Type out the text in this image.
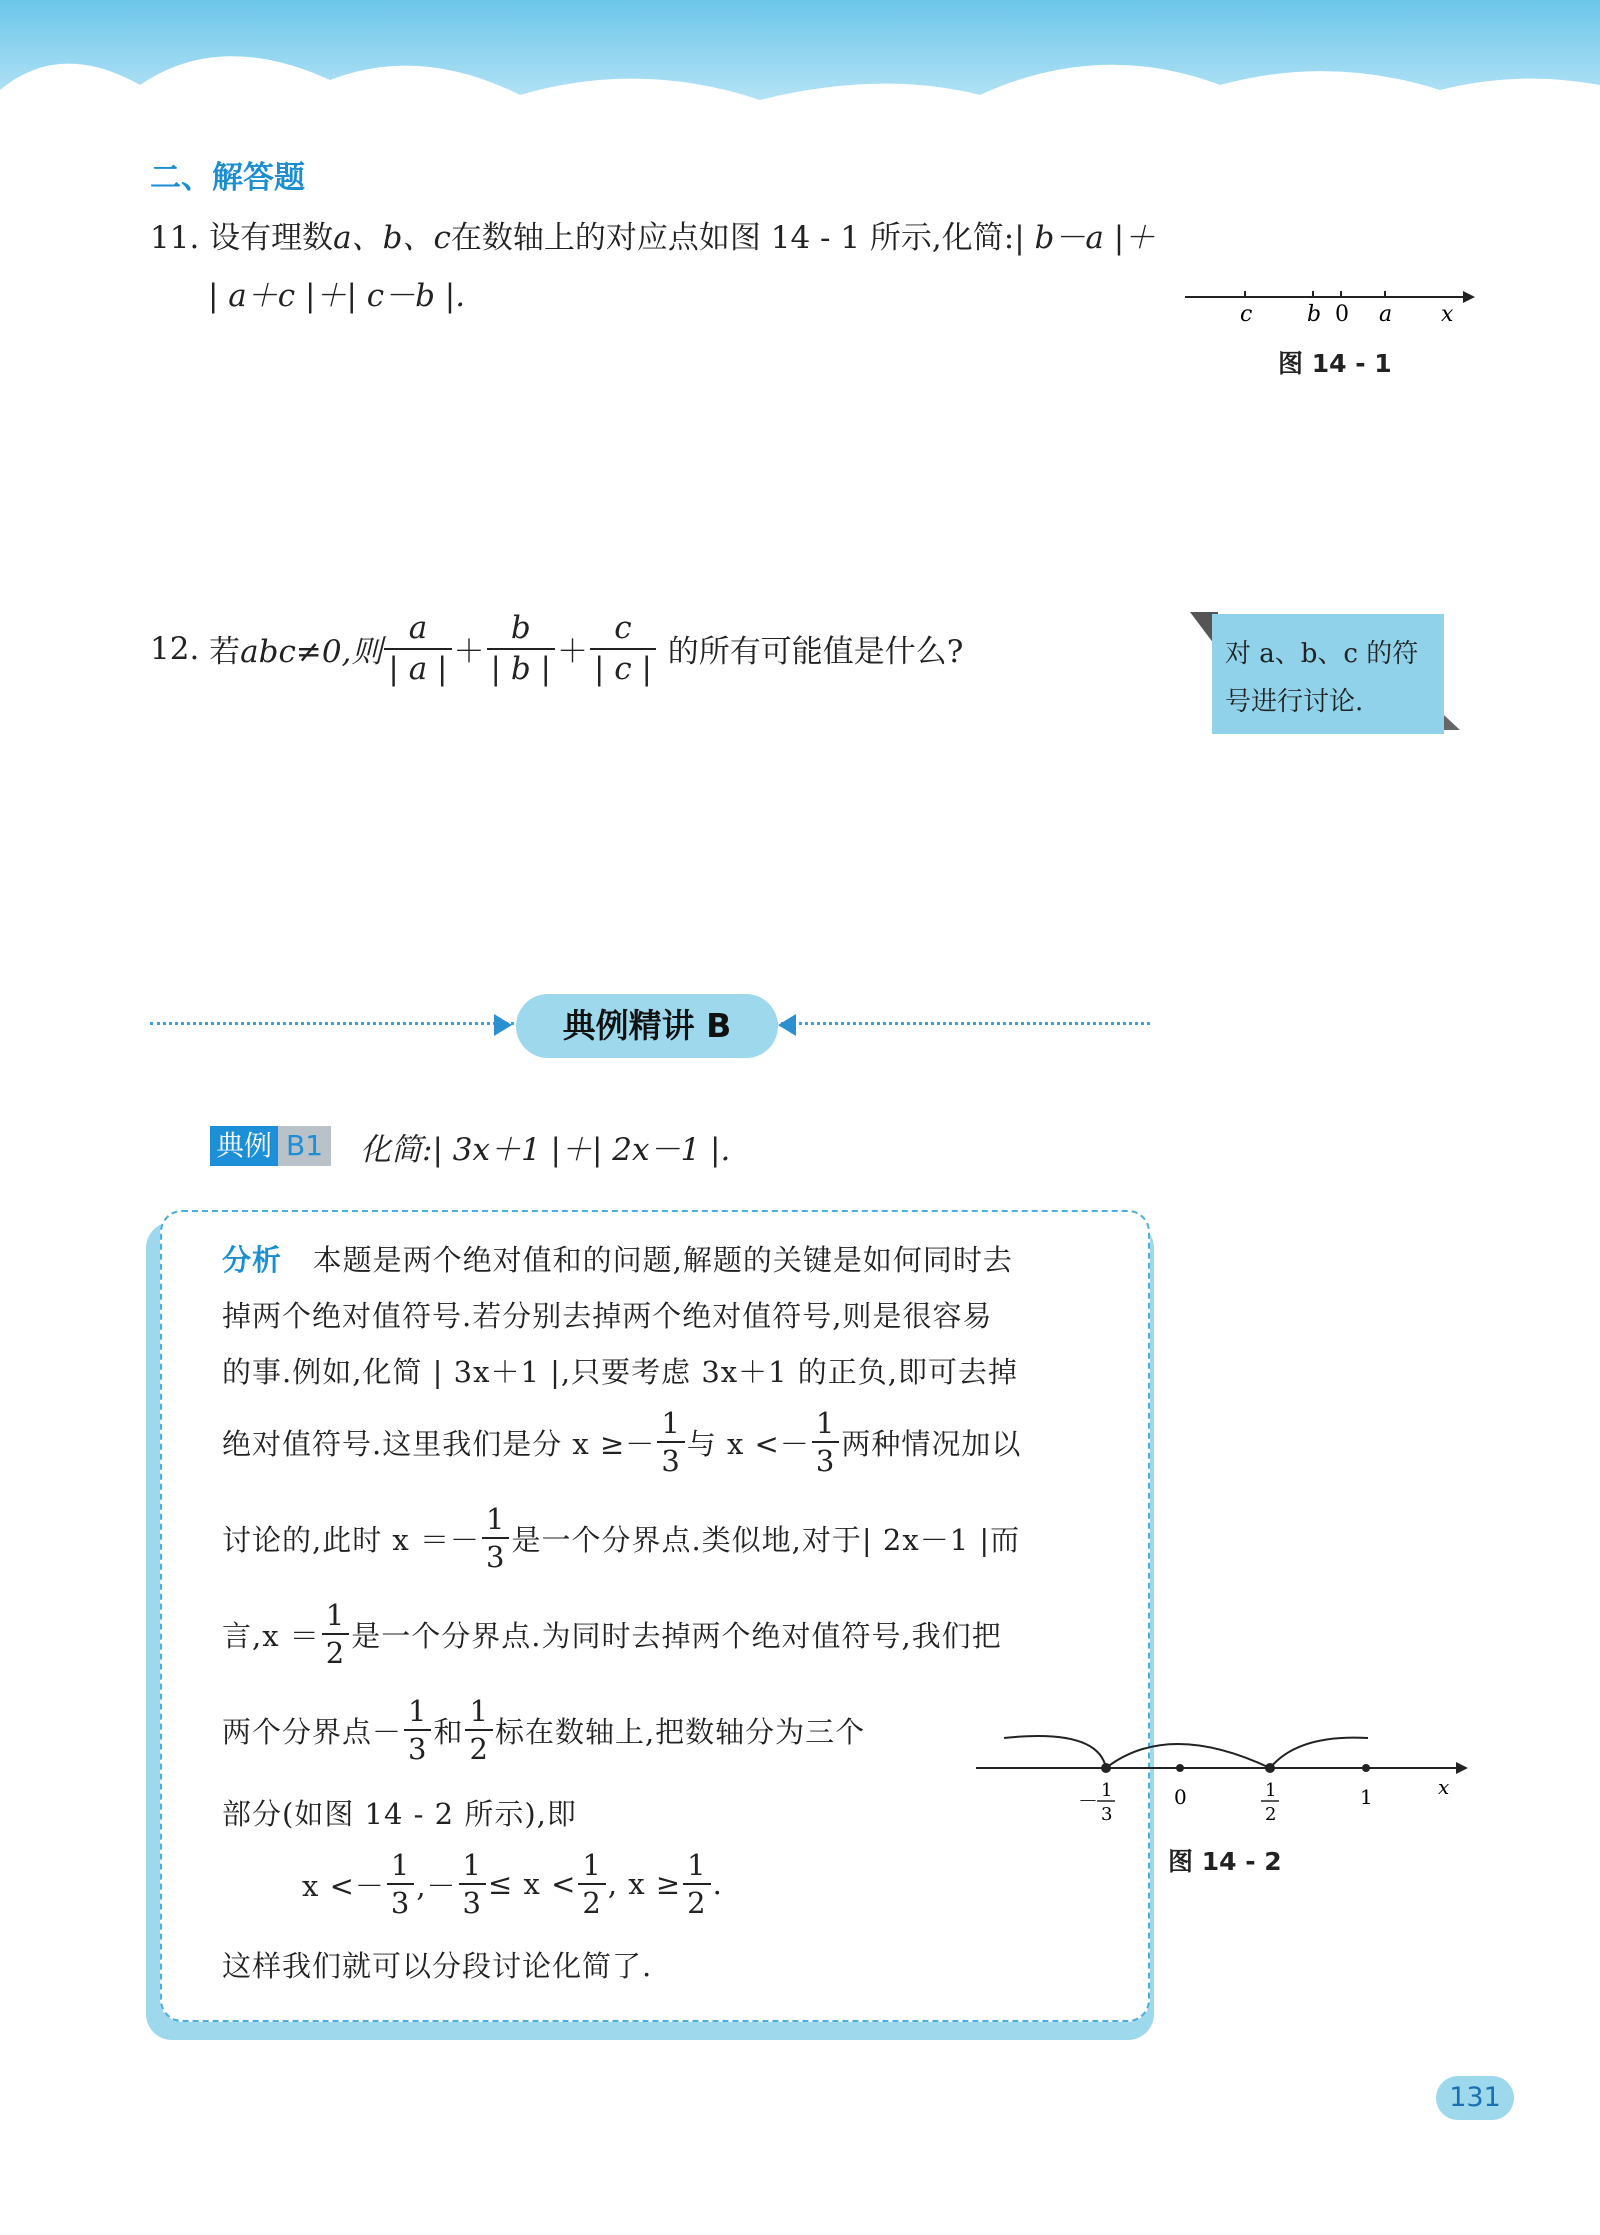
二、解答题
11. 设有理数a、b、c在数轴上的对应点如图 14 - 1 所示,化简:| b－a |＋
| a＋c |＋| c－b |.
c b 0 a x
图 14 - 1
12.
若 abc≠0,则 $\frac{a}{| a |} + \frac{b}{| b |} + \frac{c}{| c |}$
的所有可能值是什么?	对 a、b、c 的符
号进行讨论.
典例精讲 B
典例 B1 化简:| 3x＋1 |＋| 2x－1 |.
分析 本题是两个绝对值和的问题,解题的关键是如何同时去
掉两个绝对值符号.若分别去掉两个绝对值符号,则是很容易
的事.例如,化简 | 3x＋1 |,只要考虑 3x＋1 的正负,即可去掉
绝对值符号.这里我们是分 $x \ge- \frac{1}{3}$ 与 $x <- \frac{1}{3}$ 两种情况加以
讨论的,此时 $x =- \frac{1}{3}$ 是一个分界点.类似地,对于| 2x－1 |而
言$,x = \frac{1}{2}$ 是一个分界点.为同时去掉两个绝对值符号,我们把
两个分界点－ $\frac{1}{3}$ 和 $\frac{1}{2}$ 标在数轴上,把数轴分为三个
部分(如图 14 - 2 所示),即
$x <- \frac{1}{3}$ ,－ $\frac{1}{3} \le x < \frac{1}{2}$ , $x \ge \frac{1}{2}$ .
这样我们就可以分段讨论化简了.
－ 1
3
0	1
2
1	x
图 14 - 2
131
